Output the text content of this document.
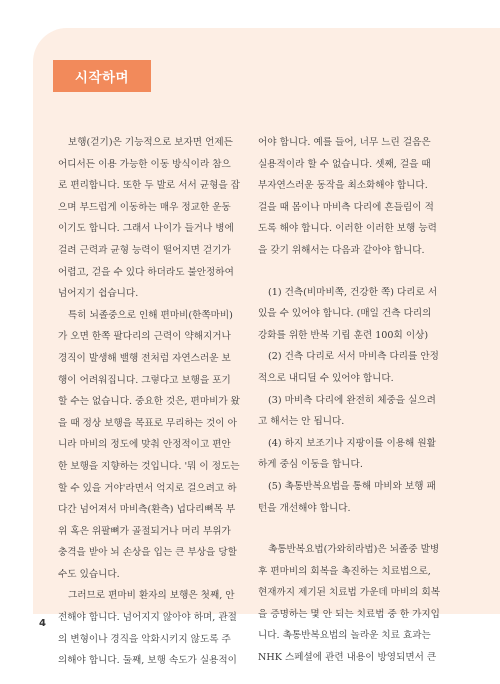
시작하며
보행(걷기)은 기능적으로 보자면 언제든
어디서든 이용 가능한 이동 방식이라 참으
로 편리합니다. 또한 두 발로 서서 균형을 잡
으며 부드럽게 이동하는 매우 정교한 운동
이기도 합니다. 그래서 나이가 들거나 병에
걸려 근력과 균형 능력이 떨어지면 걷기가
어렵고, 걷을 수 있다 하더라도 불안정하여
넘어지기 쉽습니다.
특히 뇌졸중으로 인해 편마비(한쪽마비)
가 오면 한쪽 팔다리의 근력이 약해지거나
경직이 발생해 밸행 전처럼 자연스러운 보
행이 어려워집니다. 그렇다고 보행을 포기
할 수는 없습니다. 중요한 것은, 편마비가 왔
을 때 정상 보행을 목표로 무리하는 것이 아
니라 마비의 정도에 맞춰 안정적이고 편안
한 보행을 지향하는 것입니다. '뭐 이 정도는
할 수 있을 거야'라면서 억지로 걸으려고 하
다간 넘어져서 마비측(환측) 넙다리뼈목 부
위 혹은 위팔뼈가 골절되거나 머리 부위가
충격을 받아 뇌 손상을 입는 큰 부상을 당할
수도 있습니다.
그러므로 편마비 환자의 보행은 첫째, 안
전해야 합니다. 넘어지지 않아야 하며, 관절
의 변형이나 경직을 악화시키지 않도록 주
의해야 합니다. 둘째, 보행 속도가 실용적이
어야 합니다. 예를 들어, 너무 느린 걸음은
실용적이라 할 수 없습니다. 셋째, 걸을 때
부자연스러운 동작을 최소화해야 합니다.
걸을 때 몸이나 마비측 다리에 흔들림이 적
도록 해야 합니다. 이러한 이러한 보행 능력
을 갖기 위해서는 다음과 같아야 합니다.
(1) 건측(비마비쪽, 건강한 쪽) 다리로 서
있을 수 있어야 합니다. (매일 건측 다리의
강화를 위한 반복 기립 훈련 100회 이상)
(2) 건측 다리로 서서 마비측 다리를 안정
적으로 내디딜 수 있어야 합니다.
(3) 마비측 다리에 완전히 체중을 실으려
고 해서는 안 됩니다.
(4) 하지 보조기나 지팡이를 이용해 원활
하게 중심 이동을 합니다.
(5) 촉통반복요법을 통해 마비와 보행 패
턴을 개선해야 합니다.
촉통반복요법(가와히라법)은 뇌졸중 발병
후 편마비의 회복을 촉진하는 치료법으로,
현재까지 제기된 치료법 가운데 마비의 회복
을 증명하는 몇 안 되는 치료법 중 한 가지입
니다. 촉통반복요법의 놀라운 치료 효과는
NHK 스페셜에 관련 내용이 방영되면서 큰
4
